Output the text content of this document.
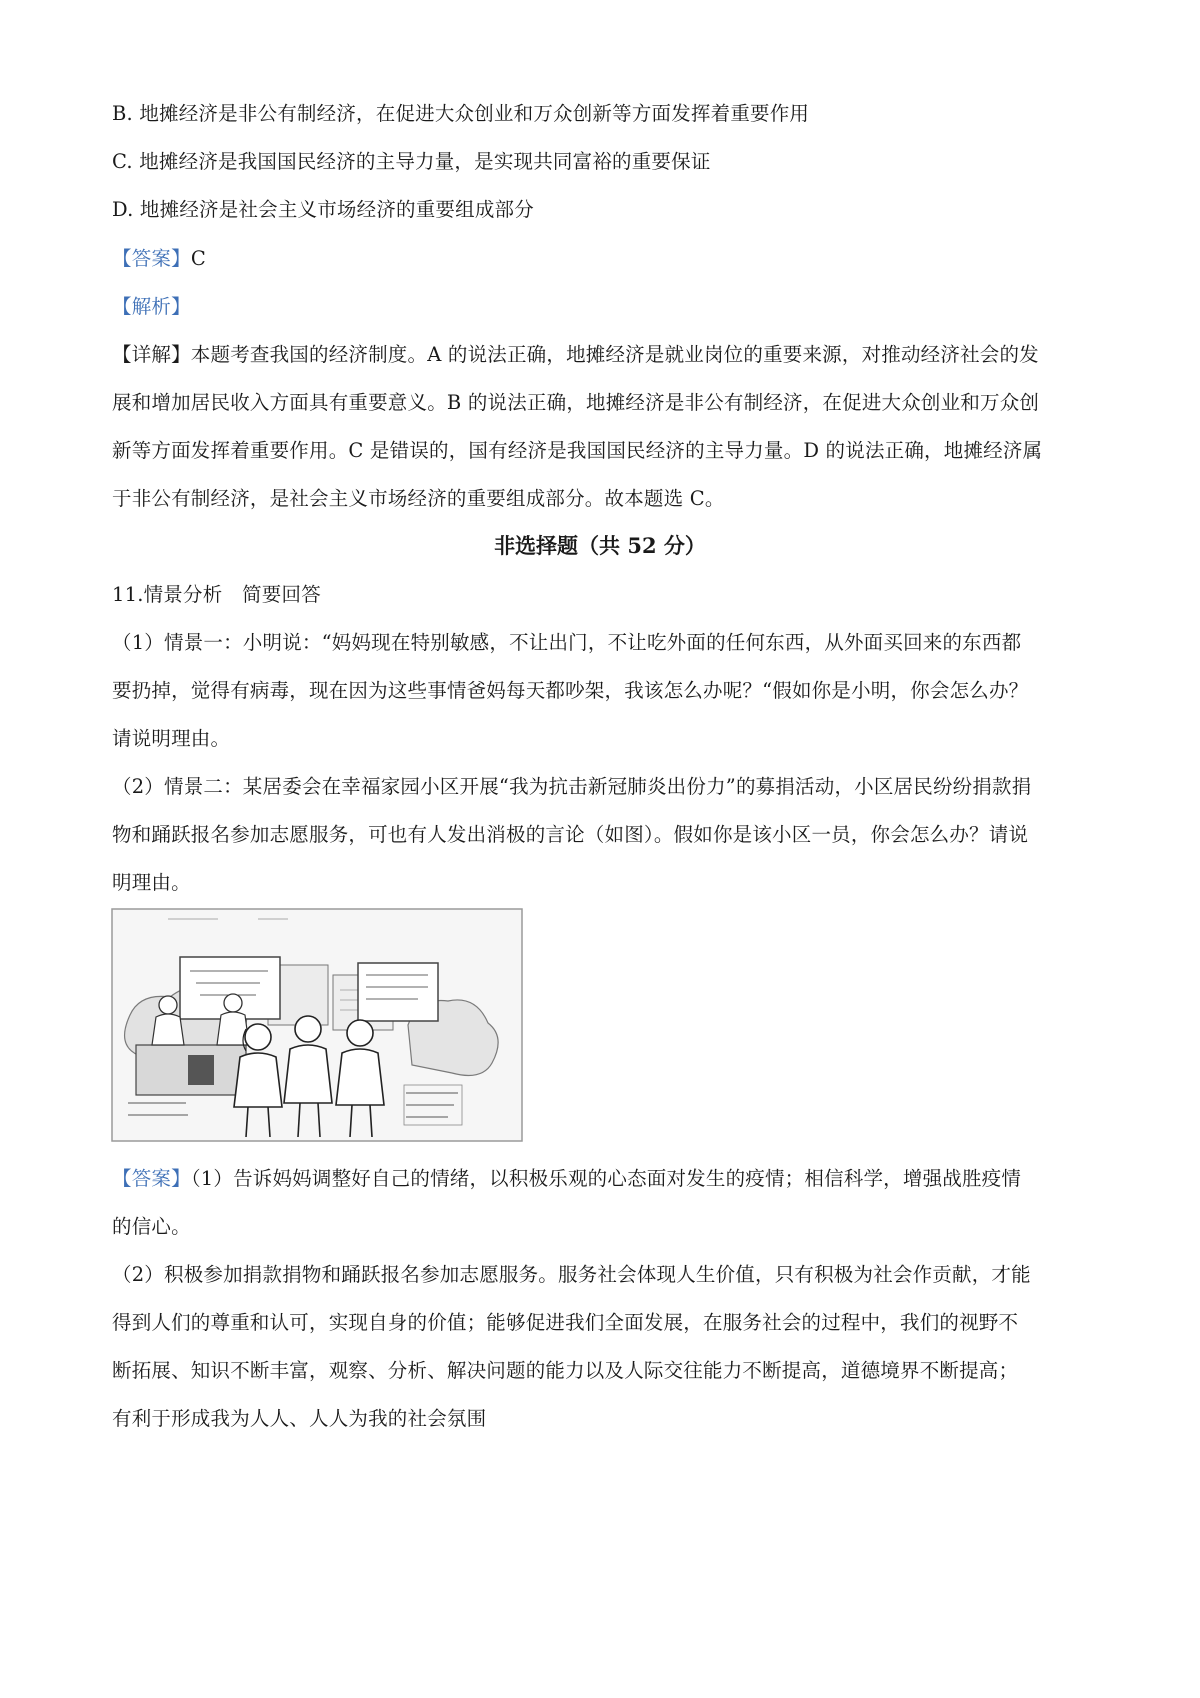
B. 地摊经济是非公有制经济，在促进大众创业和万众创新等方面发挥着重要作用
C. 地摊经济是我国国民经济的主导力量，是实现共同富裕的重要保证
D. 地摊经济是社会主义市场经济的重要组成部分
【答案】C
【解析】
【详解】本题考查我国的经济制度。A 的说法正确，地摊经济是就业岗位的重要来源，对推动经济社会的发
展和增加居民收入方面具有重要意义。B 的说法正确，地摊经济是非公有制经济，在促进大众创业和万众创
新等方面发挥着重要作用。C 是错误的，国有经济是我国国民经济的主导力量。D 的说法正确，地摊经济属
于非公有制经济，是社会主义市场经济的重要组成部分。故本题选 C。
非选择题（共 52 分）
11.情景分析　简要回答
（1）情景一：小明说：“妈妈现在特别敏感，不让出门，不让吃外面的任何东西，从外面买回来的东西都
要扔掉，觉得有病毒，现在因为这些事情爸妈每天都吵架，我该怎么办呢？“假如你是小明，你会怎么办？
请说明理由。
（2）情景二：某居委会在幸福家园小区开展“我为抗击新冠肺炎出份力”的募捐活动，小区居民纷纷捐款捐
物和踊跃报名参加志愿服务，可也有人发出消极的言论（如图）。假如你是该小区一员，你会怎么办？请说
明理由。
【答案】（1）告诉妈妈调整好自己的情绪，以积极乐观的心态面对发生的疫情；相信科学，增强战胜疫情
的信心。
（2）积极参加捐款捐物和踊跃报名参加志愿服务。服务社会体现人生价值，只有积极为社会作贡献，才能
得到人们的尊重和认可，实现自身的价值；能够促进我们全面发展，在服务社会的过程中，我们的视野不
断拓展、知识不断丰富，观察、分析、解决问题的能力以及人际交往能力不断提高，道德境界不断提高；
有利于形成我为人人、人人为我的社会氛围
